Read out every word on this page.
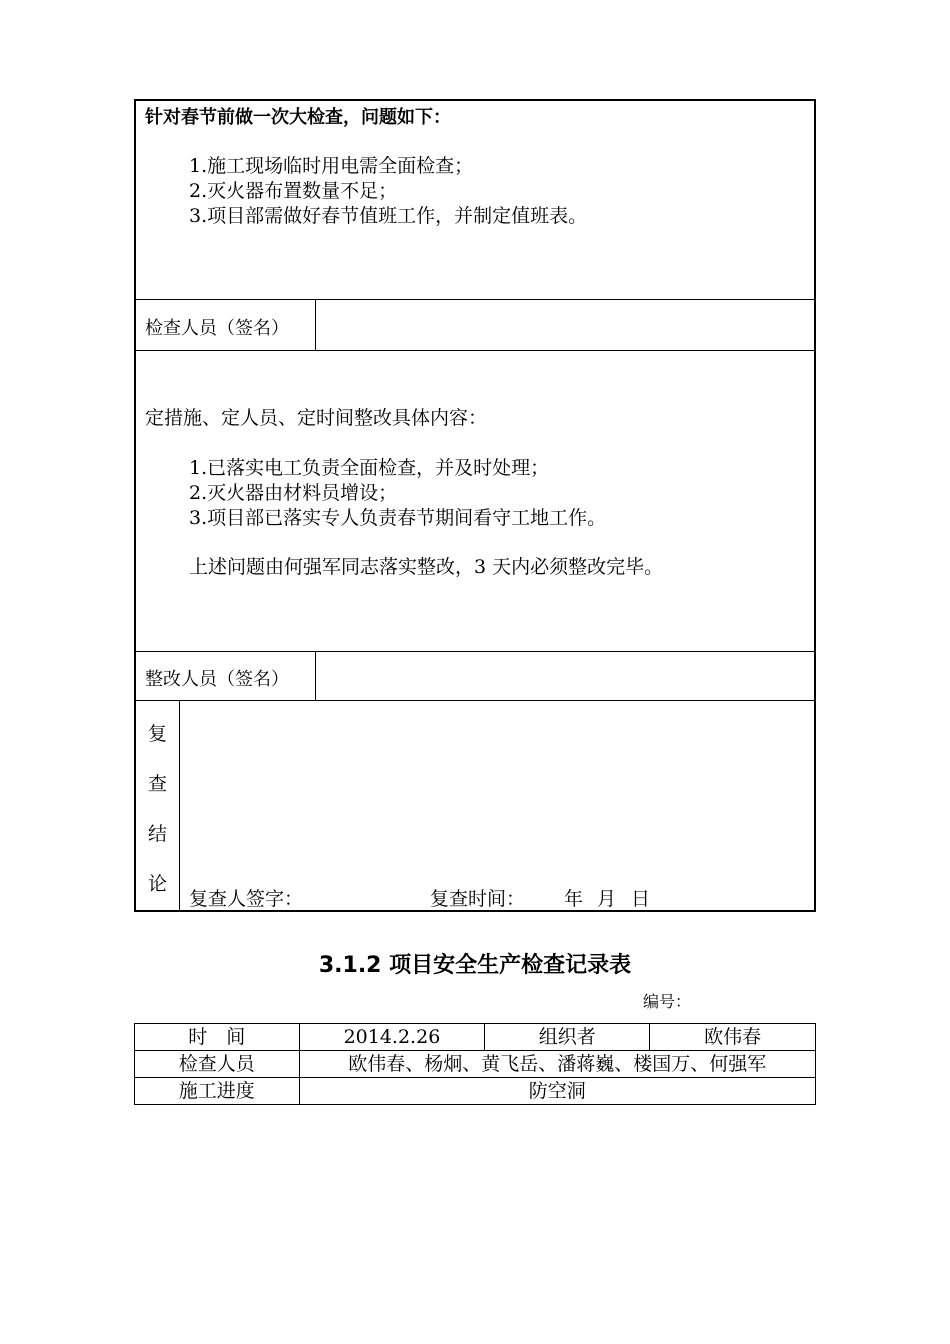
针对春节前做一次大检查，问题如下：
1.施工现场临时用电需全面检查；
2.灭火器布置数量不足；
3.项目部需做好春节值班工作，并制定值班表。
检查人员（签名）
定措施、定人员、定时间整改具体内容：
1.已落实电工负责全面检查，并及时处理；
2.灭火器由材料员增设；
3.项目部已落实专人负责春节期间看守工地工作。
上述问题由何强军同志落实整改，3 天内必须整改完毕。
整改人员（签名）
复
查
结
论
复查人签字：	复查时间： 年 月 日
3.1.2 项目安全生产检查记录表
编号：
时　间	2014.2.26	组织者	欧伟春
检查人员	欧伟春、杨炯、黄飞岳、潘蒋巍、楼国万、何强军		
施工进度	防空洞		
